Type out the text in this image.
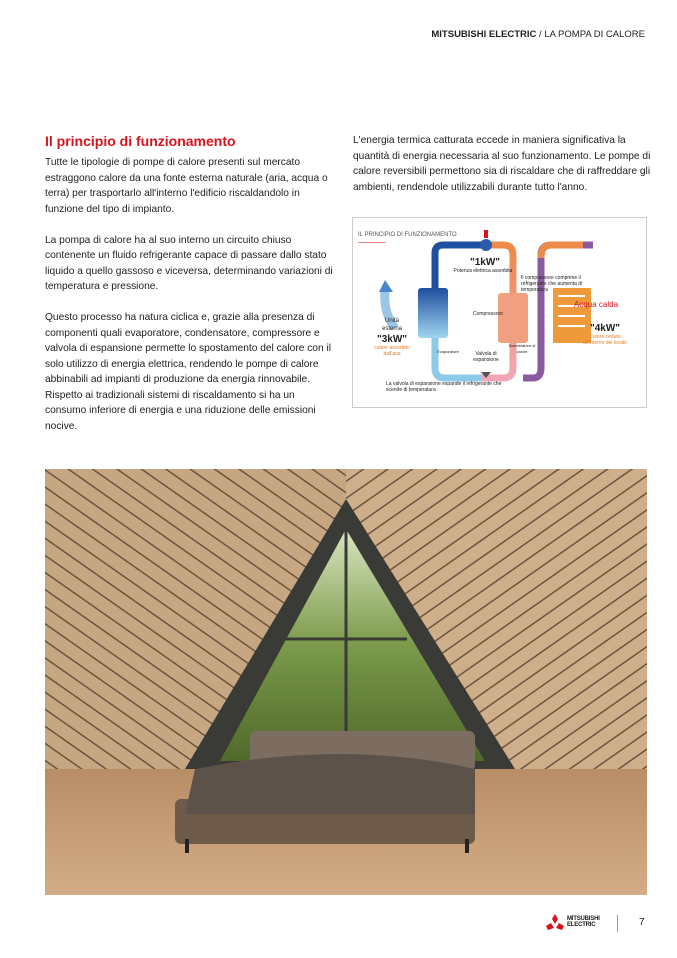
MITSUBISHI ELECTRIC / LA POMPA DI CALORE
Il principio di funzionamento

Tutte le tipologie di pompe di calore presenti sul mercato estraggono calore da una fonte esterna naturale (aria, acqua o terra) per trasportarlo all'interno l'edificio riscaldandolo in funzione del tipo di impianto.

La pompa di calore ha al suo interno un circuito chiuso contenente un fluido refrigerante capace di passare dallo stato liquido a quello gassoso e viceversa, determinando variazioni di temperatura e pressione.

Questo processo ha natura ciclica e, grazie alla presenza di componenti quali evaporatore, condensatore, compressore e valvola di espansione permette lo spostamento del calore con il solo utilizzo di energia elettrica, rendendo le pompe di calore abbinabili ad impianti di produzione da energia rinnovabile. Rispetto ai tradizionali sistemi di riscaldamento si ha un consumo inferiore di energia e una riduzione delle emissioni nocive.

L'energia termica catturata eccede in maniera significativa la quantità di energia necessaria al suo funzionamento. Le pompe di calore reversibili permettono sia di riscaldare che di raffreddare gli ambienti, rendendole utilizzabili durante tutto l'anno.

IL PRINCIPIO DI FUNZIONAMENTO
"1kW"
Potenza elettrica assorbita
Il compressore comprime il refrigerante che aumenta di temperatura
Compressore
Unità esterna
"3kW"
calore assorbito dall'aria	Evaporatore	Valvola di espansione
Scambiatore di calore
Acqua calda
"4kW"
Calore ceduto all'interno del locale
La valvola di espansione espande il refrigerante che scende di temperatura
MITSUBISHI
ELECTRIC	7
